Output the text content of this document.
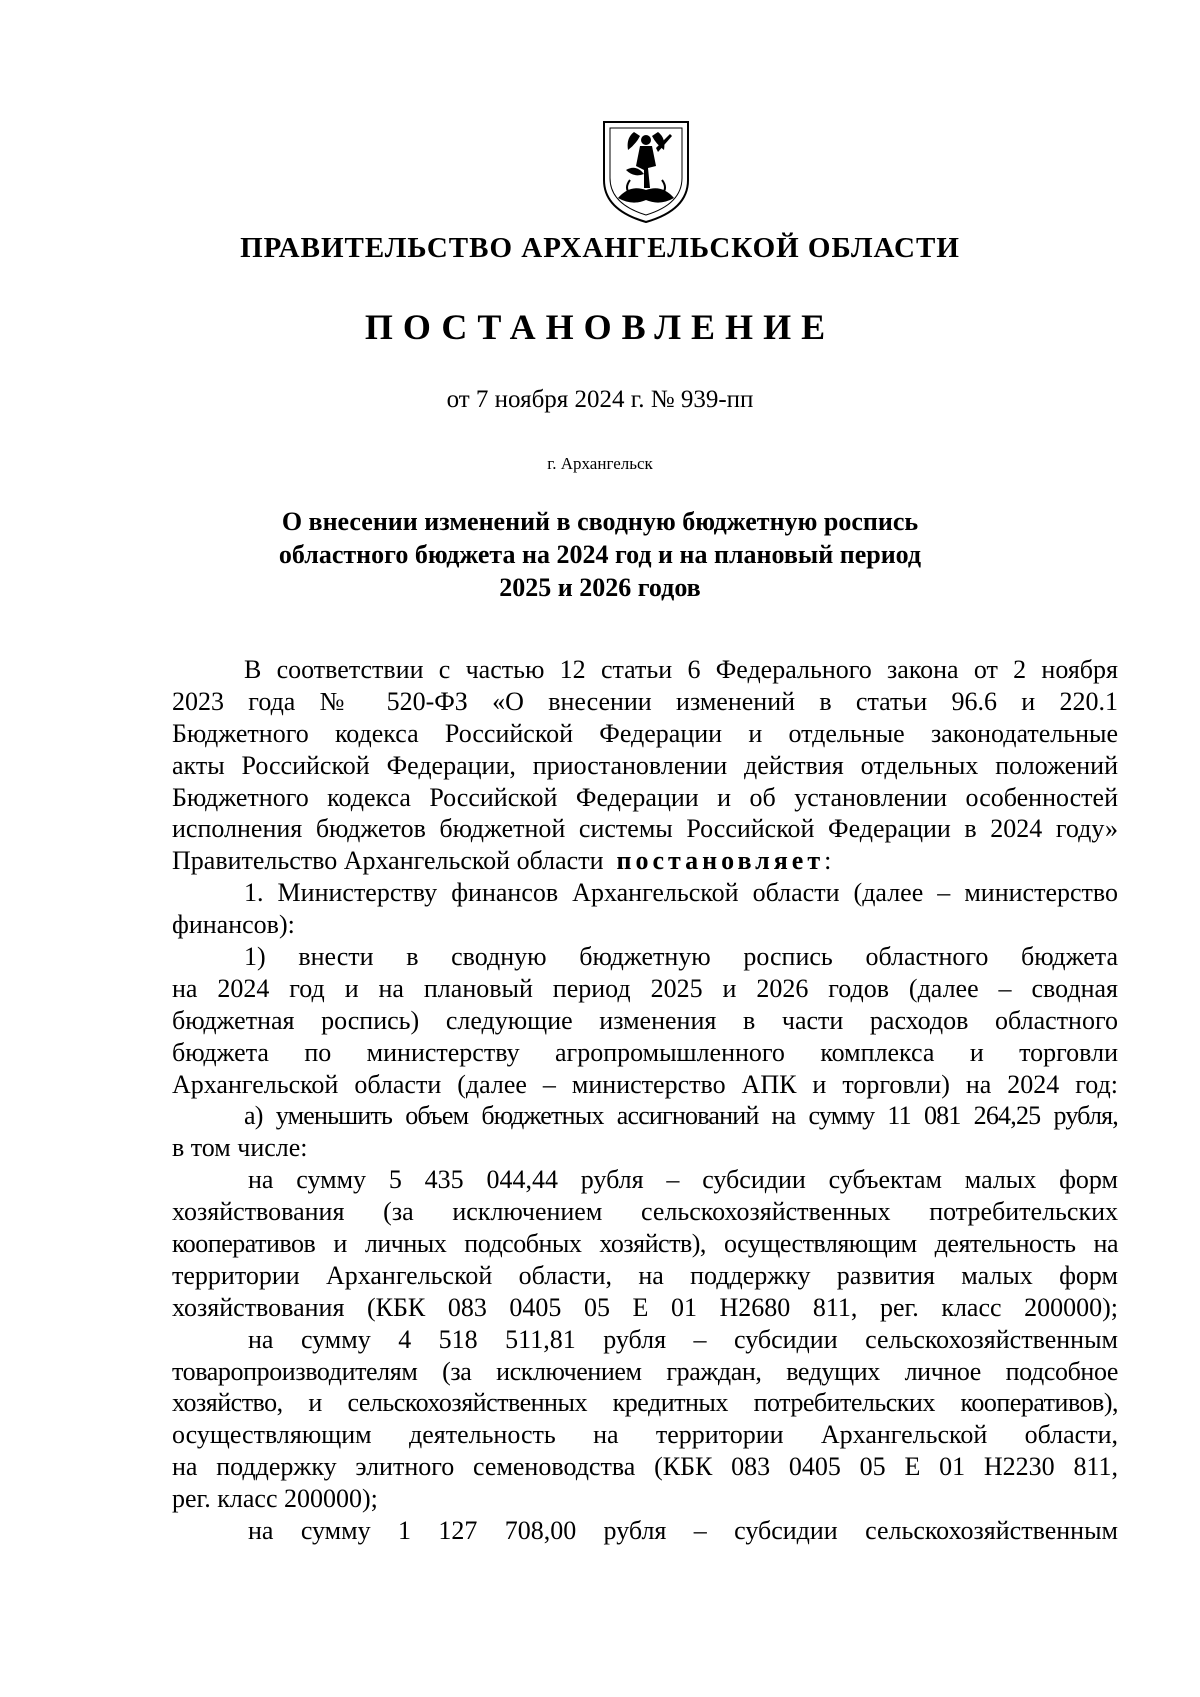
ПРАВИТЕЛЬСТВО АРХАНГЕЛЬСКОЙ ОБЛАСТИ
ПОСТАНОВЛЕНИЕ
от 7 ноября 2024 г. № 939-пп
г. Архангельск
О внесении изменений в сводную бюджетную роспись
областного бюджета на 2024 год и на плановый период
2025 и 2026 годов
В соответствии с частью 12 статьи 6 Федерального закона от 2 ноября
2023 года № 520-ФЗ «О внесении изменений в статьи 96.6 и 220.1
Бюджетного кодекса Российской Федерации и отдельные законодательные
акты Российской Федерации, приостановлении действия отдельных положений
Бюджетного кодекса Российской Федерации и об установлении особенностей
исполнения бюджетов бюджетной системы Российской Федерации в 2024 году»
Правительство Архангельской области постановляет:
1. Министерству финансов Архангельской области (далее – министерство
финансов):
1) внести в сводную бюджетную роспись областного бюджета
на 2024 год и на плановый период 2025 и 2026 годов (далее – сводная
бюджетная роспись) следующие изменения в части расходов областного
бюджета по министерству агропромышленного комплекса и торговли
Архангельской области (далее – министерство АПК и торговли) на 2024 год:
а) уменьшить объем бюджетных ассигнований на сумму 11 081 264,25 рубля,
в том числе:
на сумму 5 435 044,44 рубля – субсидии субъектам малых форм
хозяйствования (за исключением сельскохозяйственных потребительских
кооперативов и личных подсобных хозяйств), осуществляющим деятельность на
территории Архангельской области, на поддержку развития малых форм
хозяйствования (КБК 083 0405 05 Е 01 Н2680 811, рег. класс 200000);
на сумму 4 518 511,81 рубля – субсидии сельскохозяйственным
товаропроизводителям (за исключением граждан, ведущих личное подсобное
хозяйство, и сельскохозяйственных кредитных потребительских кооперативов),
осуществляющим деятельность на территории Архангельской области,
на поддержку элитного семеноводства (КБК 083 0405 05 Е 01 Н2230 811,
рег. класс 200000);
на сумму 1 127 708,00 рубля – субсидии сельскохозяйственным
